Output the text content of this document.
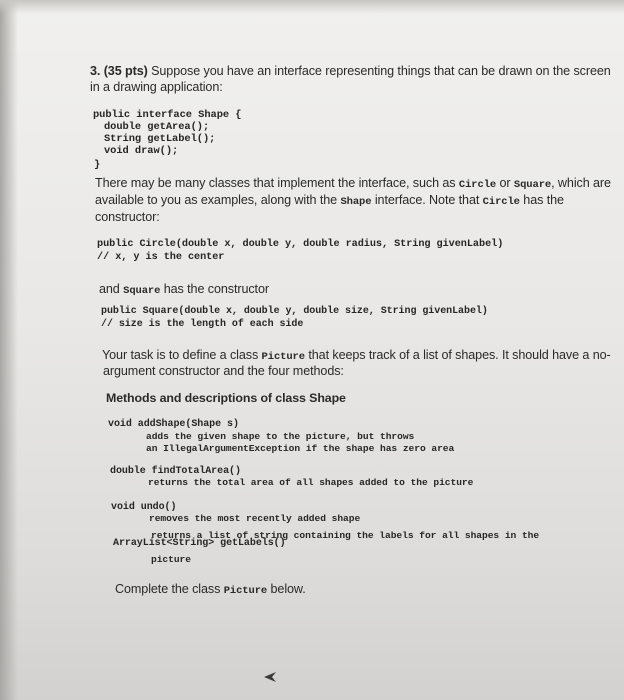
3. (35 pts) Suppose you have an interface representing things that can be drawn on the screen
in a drawing application:
public interface Shape {
double getArea();
String getLabel();
void draw();
}
There may be many classes that implement the interface, such as Circle or Square, which are
available to you as examples, along with the Shape interface. Note that Circle has the
constructor:
public Circle(double x, double y, double radius, String givenLabel)
// x, y is the center
and Square has the constructor
public Square(double x, double y, double size, String givenLabel)
// size is the length of each side
Your task is to define a class Picture that keeps track of a list of shapes. It should have a no-
argument constructor and the four methods:
Methods and descriptions of class Shape
void addShape(Shape s)
adds the given shape to the picture, but throws
an IllegalArgumentException if the shape has zero area
double findTotalArea()
returns the total area of all shapes added to the picture
void undo()
removes the most recently added shape
ArrayList<String> getLabels()
returns a list of string containing the labels for all shapes in the
picture
Complete the class Picture below.
